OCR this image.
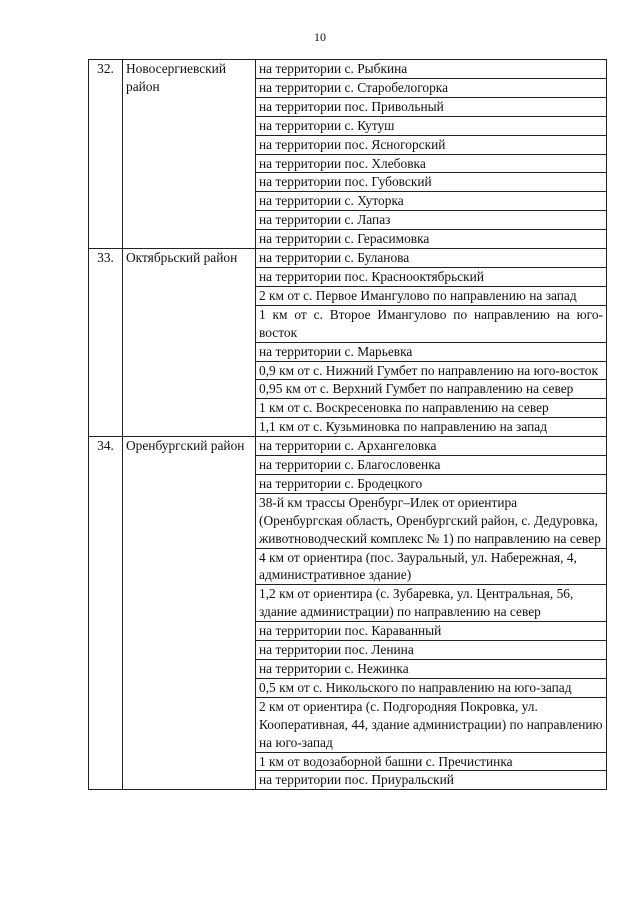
10
32.	Новосергиевский район	на территории с. Рыбкина
		на территории с. Старобелогорка
		на территории пос. Привольный
		на территории с. Кутуш
		на территории пос. Ясногорский
		на территории пос. Хлебовка
		на территории пос. Губовский
		на территории с. Хуторка
		на территории с. Лапаз
		на территории с. Герасимовка
33.	Октябрьский район	на территории с. Буланова
		на территории пос. Краснооктябрьский
		2 км от с. Первое Имангулово по направлению на запад
		1 км от с. Второе Имангулово по направлению на юго-восток
		на территории с. Марьевка
		0,9 км от с. Нижний Гумбет по направлению на юго-восток
		0,95 км от с. Верхний Гумбет по направлению на север
		1 км от с. Воскресеновка по направлению на север
		1,1 км от с. Кузьминовка по направлению на запад
34.	Оренбургский район	на территории с. Архангеловка
		на территории с. Благословенка
		на территории с. Бродецкого
		38-й км трассы Оренбург–Илек от ориентира (Оренбургская область, Оренбургский район, с. Дедуровка, животноводческий комплекс № 1) по направлению на север
		4 км от ориентира (пос. Зауральный, ул. Набережная, 4, административное здание)
		1,2 км от ориентира (с. Зубаревка, ул. Центральная, 56, здание администрации) по направлению на север
		на территории пос. Караванный
		на территории пос. Ленина
		на территории с. Нежинка
		0,5 км от с. Никольского по направлению на юго-запад
		2 км от ориентира (с. Подгородняя Покровка, ул. Кооперативная, 44, здание администрации) по направлению на юго-запад
		1 км от водозаборной башни с. Пречистинка
		на территории пос. Приуральский
